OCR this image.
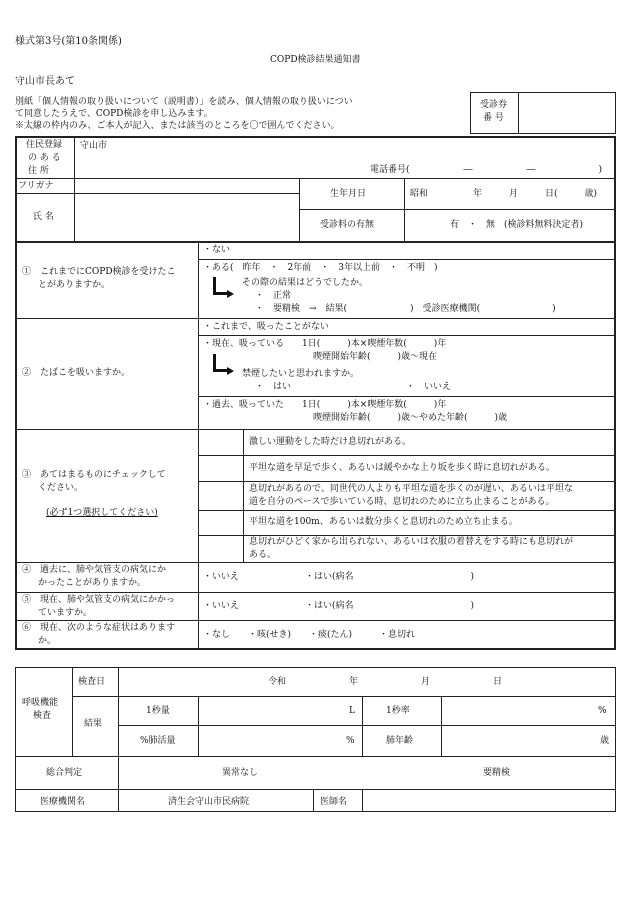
様式第3号(第10条関係)
COPD検診結果通知書
守山市長あて
別紙「個人情報の取り扱いについて（説明書）」を読み、個人情報の取り扱いについ
て同意したうえで、COPD検診を申し込みます。
※太線の枠内のみ、ご本人が記入、または該当のところを〇で囲んでください。
受診券
番 号
住民登録
の あ る
住 所
守山市
電話番号(　　　　　　―　　　　　　―　　　　　　　)
フリガナ
氏 名
生年月日	昭和　　　　　年　　　月　　　日(　　　歳)
受診料の有無	有　・　無　(検診料無料決定者)
①　これまでにCOPD検診を受けたこ
とがありますか。
・ない
・ある(　昨年　・　2年前　・　3年以上前　・　不明　)
その際の結果はどうでしたか。
・　正常
・　要精検　→　結果(　　　　　　　)　受診医療機関(　　　　　　　　)
②　たばこを吸いますか。
・これまで、吸ったことがない
・現在、吸っている　　1日(　　　)本×喫煙年数(　　　)年
喫煙開始年齢(　　　)歳～現在
禁煙したいと思われますか。
・　はい	・　いいえ
・過去、吸っていた　　1日(　　　)本×喫煙年数(　　　)年
喫煙開始年齢(　　　)歳～やめた年齢(　　　)歳
③　あてはまるものにチェックして
ください。
(必ず1つ選択してください)
激しい運動をした時だけ息切れがある。
平坦な道を早足で歩く、あるいは緩やかな上り坂を歩く時に息切れがある。
息切れがあるので、同世代の人よりも平坦な道を歩くのが遅い、あるいは平坦な
道を自分のペースで歩いている時、息切れのために立ち止まることがある。
平坦な道を100m、あるいは数分歩くと息切れのため立ち止まる。
息切れがひどく家から出られない、あるいは衣服の着替えをする時にも息切れが
ある。
④　過去に、肺や気管支の病気にか
かったことがありますか。
・いいえ	・はい(病名　　　　　　　　　　　　　)
⑤　現在、肺や気管支の病気にかかっ
ていますか。
・いいえ	・はい(病名　　　　　　　　　　　　　)
⑥　現在、次のような症状はあります
か。
・なし　　・咳(せき)　　・痰(たん)　　　・息切れ
呼吸機能
検査
検査日	令和　　　　　　　年　　　　　　　月　　　　　　　日
結果
1秒量	L	1秒率	%
%肺活量	%	肺年齢	歳
総合判定	異常なし	要精検
医療機関名	済生会守山市民病院	医師名
